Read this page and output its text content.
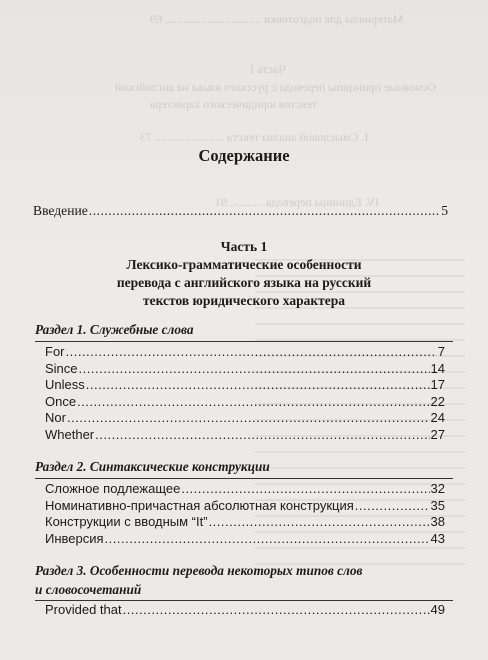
Материалы для подготовки ................................ 69
Часть I
Основные принципы перевода с русского языка на английский
текстов юридического характера
I. Смысловой анализ текста ....................... 73
IV. Единицы перевода ........... 91
Содержание
Введение .....	5
Часть 1
Лексико-грамматические особенности
перевода с английского языка на русский
текстов юридического характера
Раздел 1. Служебные слова
For .....	7
Since .....	14
Unless .....	17
Once .....	22
Nor .....	24
Whether .....	27
Раздел 2. Синтаксические конструкции
Сложное подлежащее .....	32
Номинативно-причастная абсолютная конструкция .....	35
Конструкции с вводным “It” .....	38
Инверсия .....	43
Раздел 3. Особенности перевода некоторых типов слов
и словосочетаний
Provided that .....	49
